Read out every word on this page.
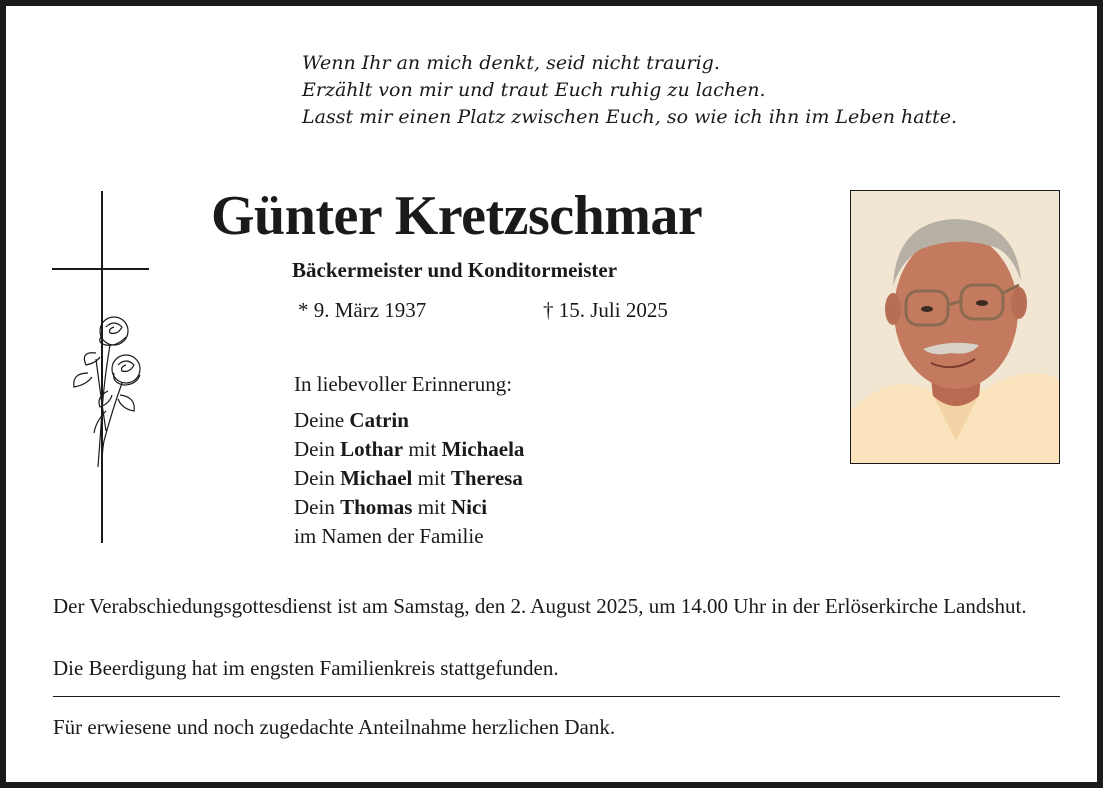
Wenn Ihr an mich denkt, seid nicht traurig.
Erzählt von mir und traut Euch ruhig zu lachen.
Lasst mir einen Platz zwischen Euch, so wie ich ihn im Leben hatte.
Günter Kretzschmar
Bäckermeister und Konditormeister
* 9. März 1937	† 15. Juli 2025
In liebevoller Erinnerung:
Deine Catrin
Dein Lothar mit Michaela
Dein Michael mit Theresa
Dein Thomas mit Nici
im Namen der Familie
Der Verabschiedungsgottesdienst ist am Samstag, den 2. August 2025, um 14.00 Uhr in der Erlöserkirche Landshut.
Die Beerdigung hat im engsten Familienkreis stattgefunden.
Für erwiesene und noch zugedachte Anteilnahme herzlichen Dank.
